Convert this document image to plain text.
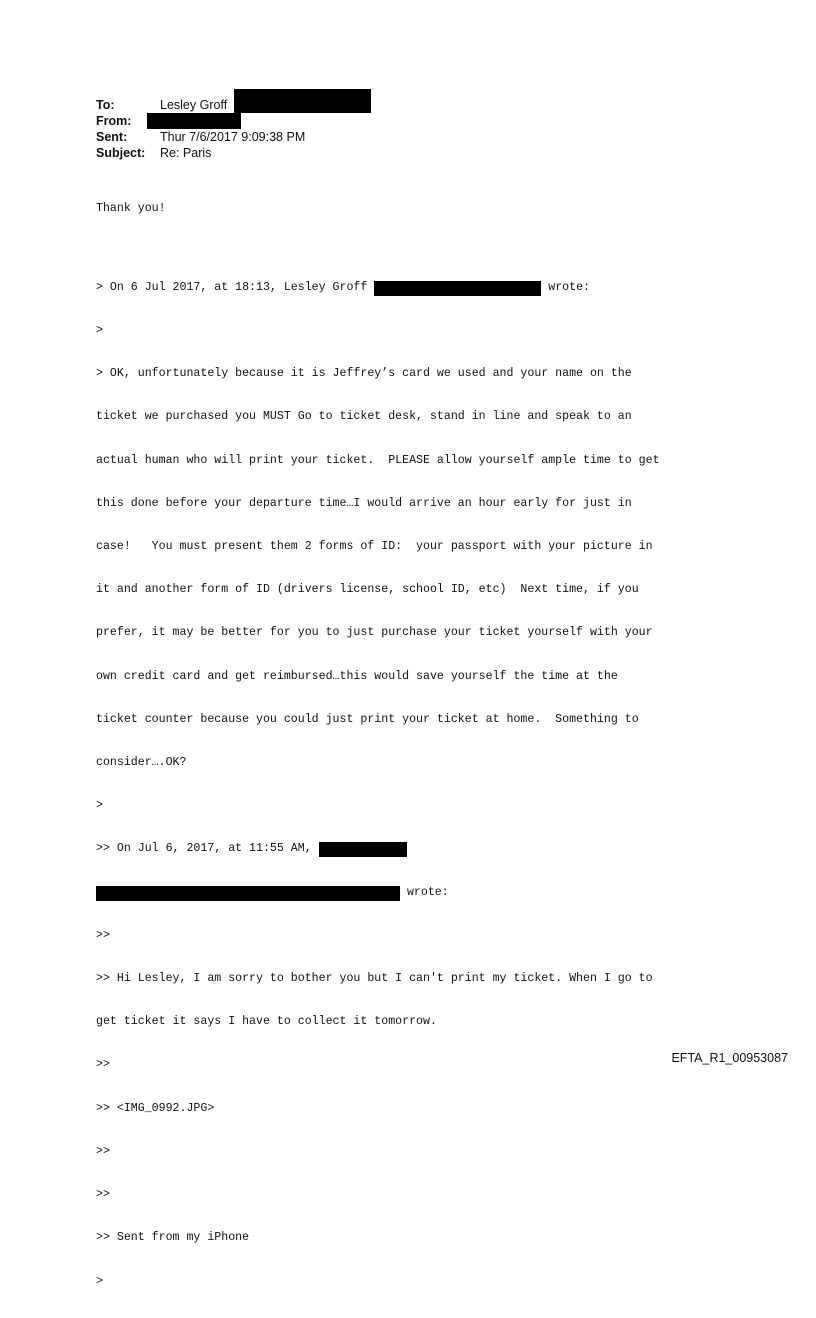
To:	Lesley Groff
From:
Sent:	Thur 7/6/2017 9:09:38 PM
Subject: Re: Paris

Thank you!

> On 6 Jul 2017, at 18:13, Lesley Groff	wrote:

>

> OK, unfortunately because it is Jeffrey’s card we used and your name on the

ticket we purchased you MUST Go to ticket desk, stand in line and speak to an

actual human who will print your ticket.  PLEASE allow yourself ample time to get

this done before your departure time…I would arrive an hour early for just in

case!   You must present them 2 forms of ID:  your passport with your picture in

it and another form of ID (drivers license, school ID, etc)  Next time, if you

prefer, it may be better for you to just purchase your ticket yourself with your

own credit card and get reimbursed…this would save yourself the time at the

ticket counter because you could just print your ticket at home.  Something to

consider….OK?

>

>> On Jul 6, 2017, at 11:55 AM,

wrote:

>>

>> Hi Lesley, I am sorry to bother you but I can't print my ticket. When I go to

get ticket it says I have to collect it tomorrow.

>>

>> <IMG_0992.JPG>

>>

>>

>> Sent from my iPhone

>

EFTA_R1_00953087
